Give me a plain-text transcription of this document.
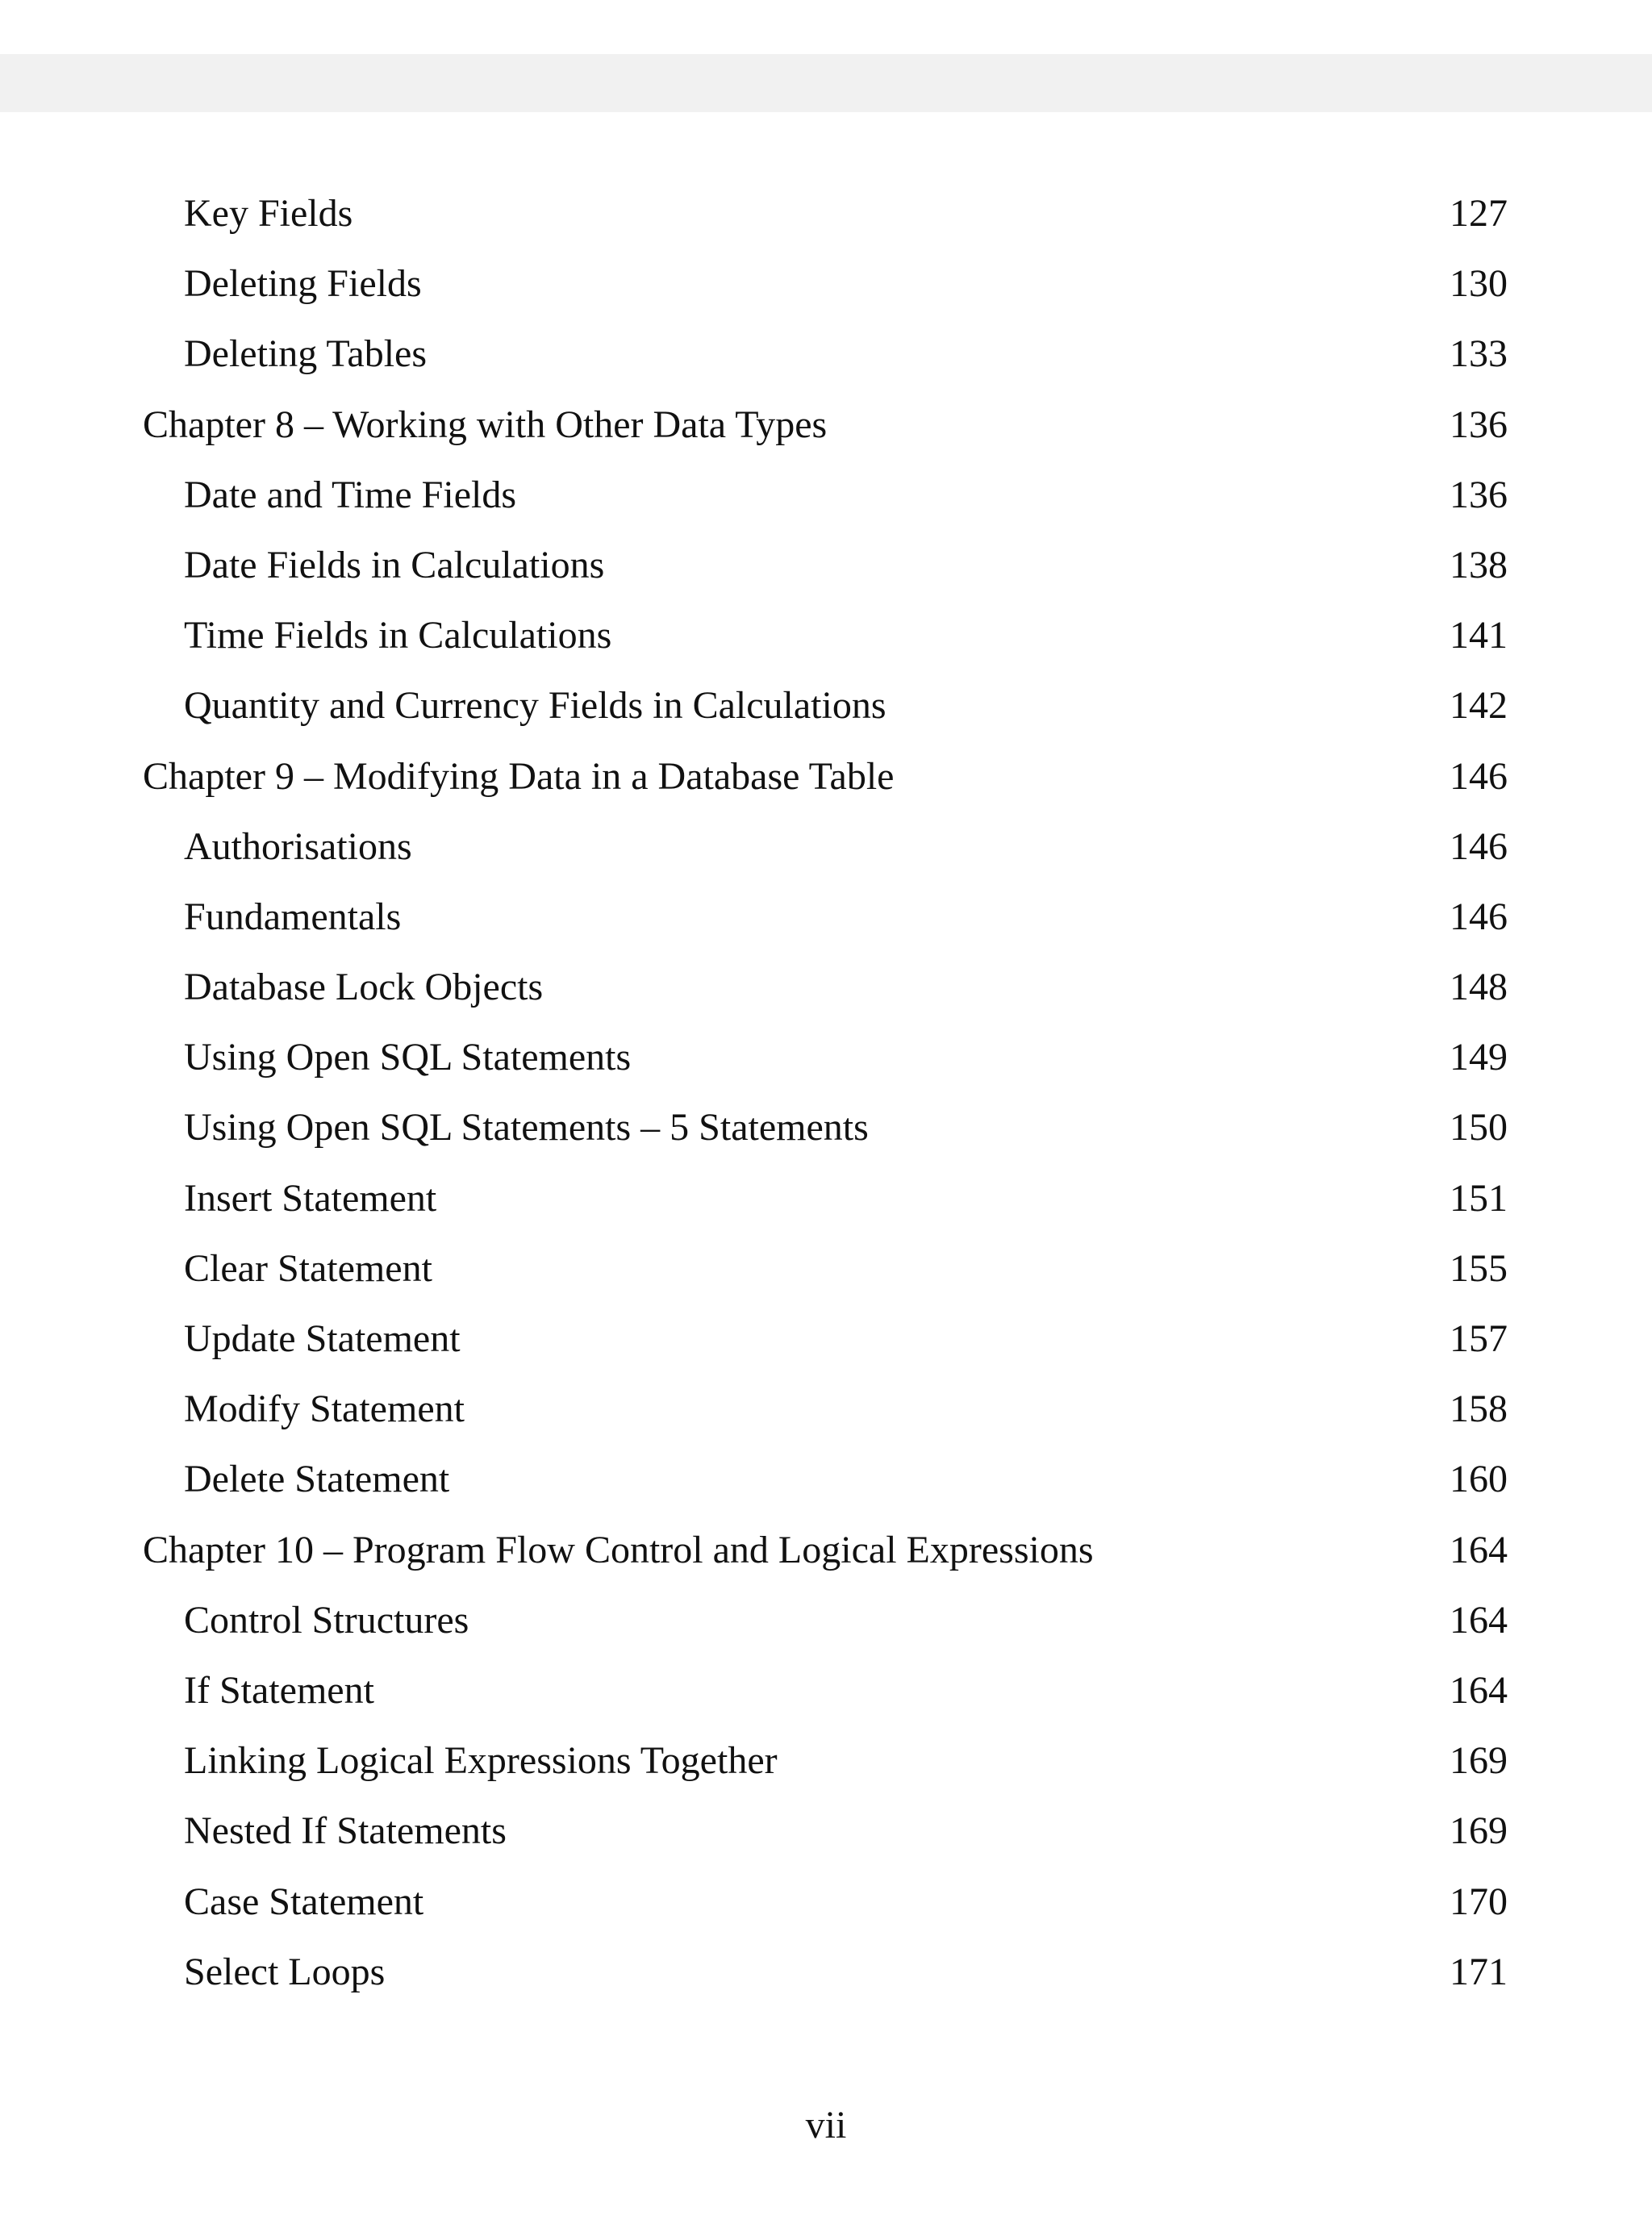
Key Fields	127
Deleting Fields	130
Deleting Tables	133
Chapter 8 – Working with Other Data Types	136
Date and Time Fields	136
Date Fields in Calculations	138
Time Fields in Calculations	141
Quantity and Currency Fields in Calculations	142
Chapter 9 – Modifying Data in a Database Table	146
Authorisations	146
Fundamentals	146
Database Lock Objects	148
Using Open SQL Statements	149
Using Open SQL Statements – 5 Statements	150
Insert Statement	151
Clear Statement	155
Update Statement	157
Modify Statement	158
Delete Statement	160
Chapter 10 – Program Flow Control and Logical Expressions	164
Control Structures	164
If Statement	164
Linking Logical Expressions Together	169
Nested If Statements	169
Case Statement	170
Select Loops	171
vii
